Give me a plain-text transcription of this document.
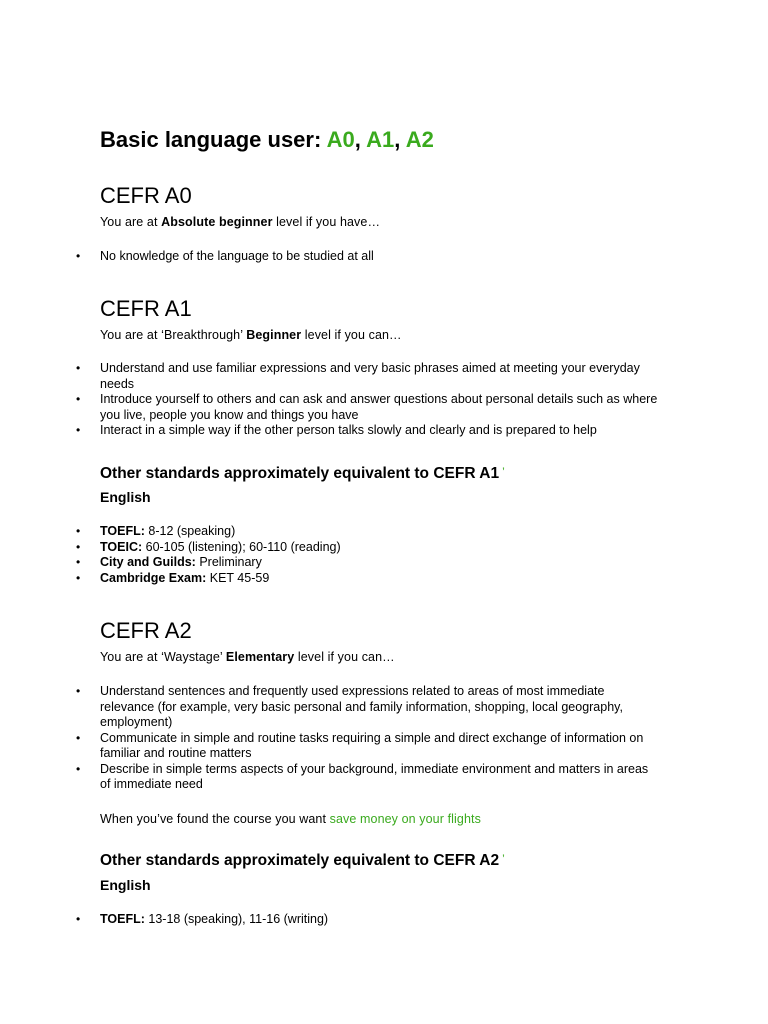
Basic language user: A0, A1, A2
CEFR A0
You are at Absolute beginner level if you have…
• No knowledge of the language to be studied at all
CEFR A1
You are at ‘Breakthrough’ Beginner level if you can…
• Understand and use familiar expressions and very basic phrases aimed at meeting your everyday needs
• Introduce yourself to others and can ask and answer questions about personal details such as where you live, people you know and things you have
• Interact in a simple way if the other person talks slowly and clearly and is prepared to help
Other standards approximately equivalent to CEFR A1 ’
English
• TOEFL: 8-12 (speaking)
• TOEIC: 60-105 (listening); 60-110 (reading)
• City and Guilds: Preliminary
• Cambridge Exam: KET 45-59
CEFR A2
You are at ‘Waystage’ Elementary level if you can…
• Understand sentences and frequently used expressions related to areas of most immediate relevance (for example, very basic personal and family information, shopping, local geography, employment)
• Communicate in simple and routine tasks requiring a simple and direct exchange of information on familiar and routine matters
• Describe in simple terms aspects of your background, immediate environment and matters in areas of immediate need
When you’ve found the course you want save money on your flights
Other standards approximately equivalent to CEFR A2 ’
English
• TOEFL: 13-18 (speaking), 11-16 (writing)
